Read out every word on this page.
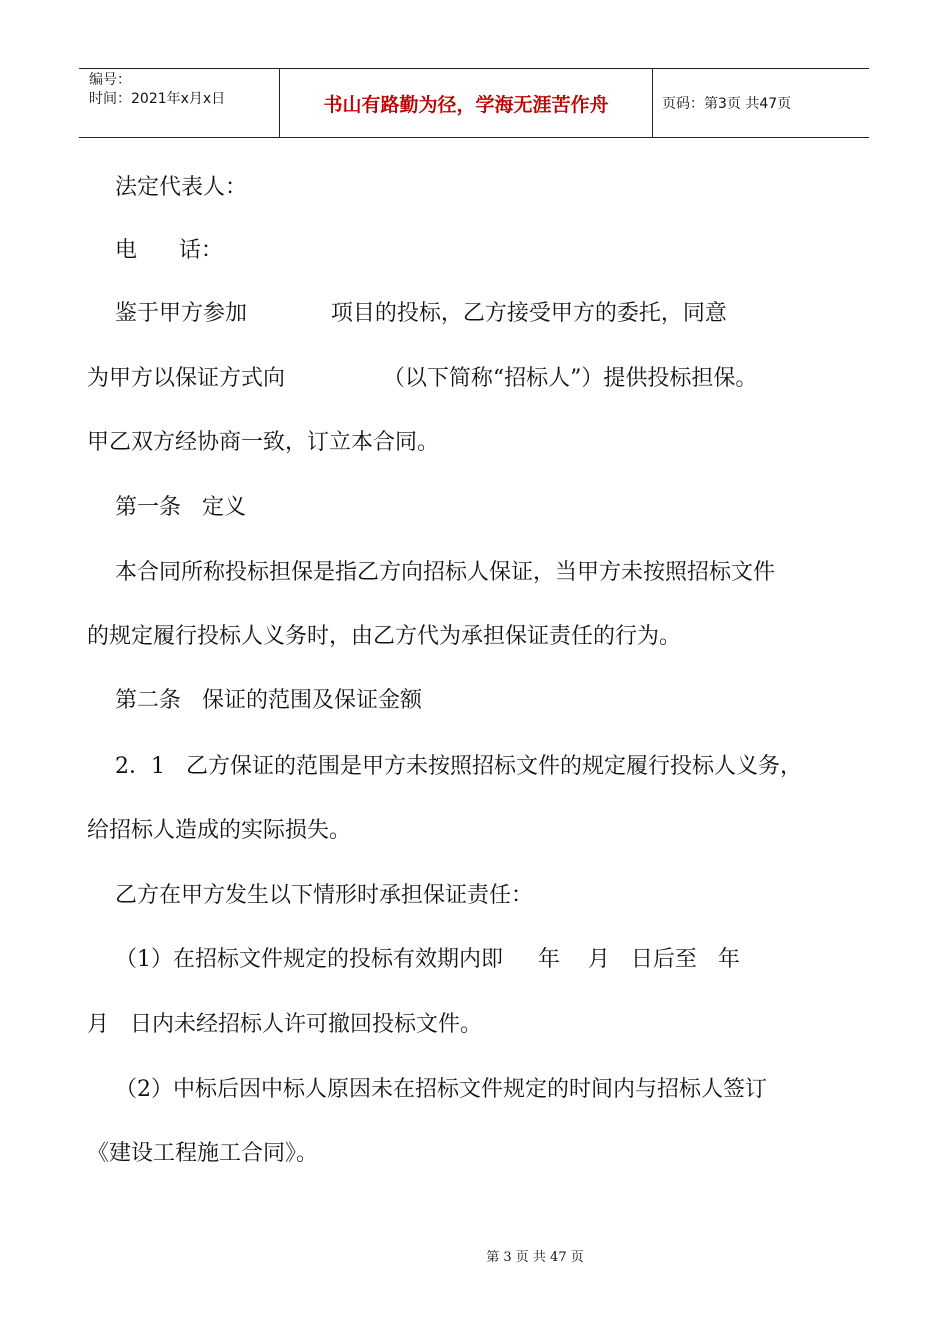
编号：
时间：2021年x月x日	书山有路勤为径，学海无涯苦作舟	页码：第3页 共47页
法定代表人：
电      话：
鉴于甲方参加            项目的投标，乙方接受甲方的委托，同意
为甲方以保证方式向              （以下简称“招标人”）提供投标担保。
甲乙双方经协商一致，订立本合同。
第一条   定义
本合同所称投标担保是指乙方向招标人保证，当甲方未按照招标文件
的规定履行投标人义务时，由乙方代为承担保证责任的行为。
第二条   保证的范围及保证金额
2．1   乙方保证的范围是甲方未按照招标文件的规定履行投标人义务，
给招标人造成的实际损失。
乙方在甲方发生以下情形时承担保证责任：
（1）在招标文件规定的投标有效期内即     年    月   日后至   年
月   日内未经招标人许可撤回投标文件。
（2）中标后因中标人原因未在招标文件规定的时间内与招标人签订
《建设工程施工合同》。
第 3 页 共 47 页
